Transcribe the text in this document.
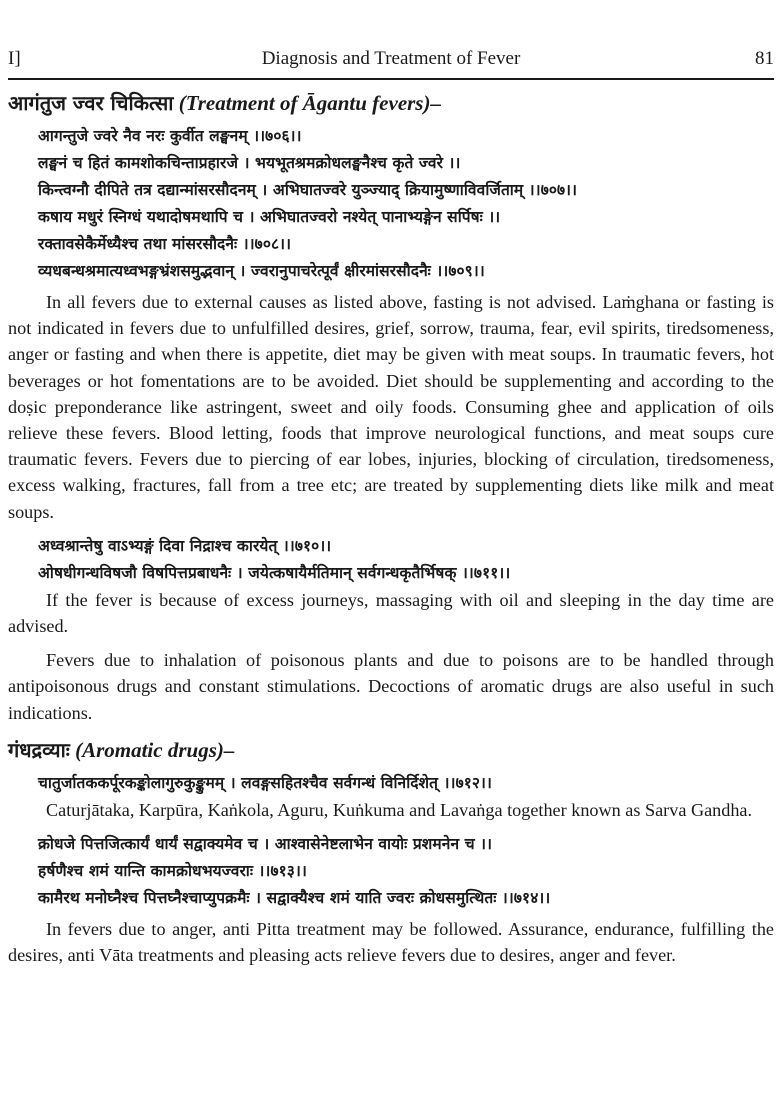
I]	Diagnosis and Treatment of Fever	81
आगंतुज ज्वर चिकित्सा (Treatment of Āgantu fevers)–
आगन्तुजे ज्वरे नैव नरः कुर्वीत लङ्घनम् ।।७०६।।
लङ्घनं च हितं कामशोकचिन्ताप्रहारजे । भयभूतश्रमक्रोधलङ्घनैश्च कृते ज्वरे ।।
किन्त्वग्नौ दीपिते तत्र दद्यान्मांसरसौदनम् । अभिघातज्वरे युञ्ज्याद् क्रियामुष्णाविवर्जिताम् ।।७०७।।
कषाय मधुरं स्निग्धं यथादोषमथापि च । अभिघातज्वरो नश्येत् पानाभ्यङ्गेन सर्पिषः ।।
रक्तावसेकैर्मेध्यैश्च तथा मांसरसौदनैः ।।७०८।।
व्यधबन्धश्रमात्यध्वभङ्गभ्रंशसमुद्भवान् । ज्वरानुपाचरेत्पूर्वं क्षीरमांसरसौदनैः ।।७०९।।

In all fevers due to external causes as listed above, fasting is not advised. Laṁghana or fasting is not indicated in fevers due to unfulfilled desires, grief, sorrow, trauma, fear, evil spirits, tiredsomeness, anger or fasting and when there is appetite, diet may be given with meat soups. In traumatic fevers, hot beverages or hot fomentations are to be avoided. Diet should be supplementing and according to the doṣic preponderance like astringent, sweet and oily foods. Consuming ghee and application of oils relieve these fevers. Blood letting, foods that improve neurological functions, and meat soups cure traumatic fevers. Fevers due to piercing of ear lobes, injuries, blocking of circulation, tiredsomeness, excess walking, fractures, fall from a tree etc; are treated by supplementing diets like milk and meat soups.

अध्वश्रान्तेषु वाऽभ्यङ्गं दिवा निद्राश्च कारयेत् ।।७१०।।
ओषधीगन्धविषजौ विषपित्तप्रबाधनैः । जयेत्कषायैर्मतिमान् सर्वगन्धकृतैर्भिषक् ।।७११।।

If the fever is because of excess journeys, massaging with oil and sleeping in the day time are advised.

Fevers due to inhalation of poisonous plants and due to poisons are to be handled through antipoisonous drugs and constant stimulations. Decoctions of aromatic drugs are also useful in such indications.

गंधद्रव्याः (Aromatic drugs)–
चातुर्जातककर्पूरकङ्कोलागुरुकुङ्कुमम् । लवङ्गसहितश्चैव सर्वगन्धं विनिर्दिशेत् ।।७१२।।

Caturjātaka, Karpūra, Kaṅkola, Aguru, Kuṅkuma and Lavaṅga together known as Sarva Gandha.

क्रोधजे पित्तजित्कार्यं धार्यं सद्वाक्यमेव च । आश्वासेनेष्टलाभेन वायोः प्रशमनेन च ।।
हर्षणैश्च शमं यान्ति कामक्रोधभयज्वराः ।।७१३।।
कामैरथ मनोघ्नैश्च पित्तघ्नैश्चाप्युपक्रमैः । सद्वाक्यैश्च शमं याति ज्वरः क्रोधसमुत्थितः ।।७१४।।

In fevers due to anger, anti Pitta treatment may be followed. Assurance, endurance, fulfilling the desires, anti Vāta treatments and pleasing acts relieve fevers due to desires, anger and fever.
